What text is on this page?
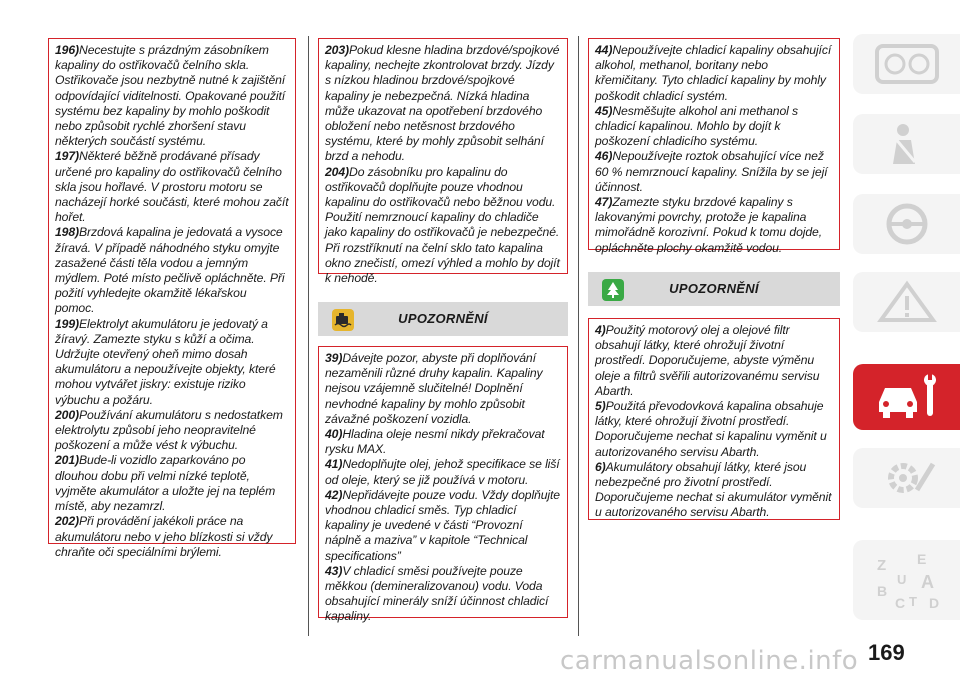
196)Necestujte s prázdným zásobníkem kapaliny do ostřikovačů čelního skla. Ostřikovače jsou nezbytně nutné k zajištění odpovídající viditelnosti. Opakované použití systému bez kapaliny by mohlo poškodit nebo způsobit rychlé zhoršení stavu některých součástí systému.

197)Některé běžně prodávané přísady určené pro kapaliny do ostřikovačů čelního skla jsou hořlavé. V prostoru motoru se nacházejí horké součásti, které mohou začít hořet.

198)Brzdová kapalina je jedovatá a vysoce žíravá. V případě náhodného styku omyjte zasažené části těla vodou a jemným mýdlem. Poté místo pečlivě opláchněte. Při požití vyhledejte okamžitě lékařskou pomoc.

199)Elektrolyt akumulátoru je jedovatý a žíravý. Zamezte styku s kůží a očima. Udržujte otevřený oheň mimo dosah akumulátoru a nepoužívejte objekty, které mohou vytvářet jiskry: existuje riziko výbuchu a požáru.

200)Používání akumulátoru s nedostatkem elektrolytu způsobí jeho neopravitelné poškození a může vést k výbuchu.

201)Bude-li vozidlo zaparkováno po dlouhou dobu při velmi nízké teplotě, vyjměte akumulátor a uložte jej na teplém místě, aby nezamrzl.

202)Při provádění jakékoli práce na akumulátoru nebo v jeho blízkosti si vždy chraňte oči speciálními brýlemi.

203)Pokud klesne hladina brzdové/spojkové kapaliny, nechejte zkontrolovat brzdy. Jízdy s nízkou hladinou brzdové/spojkové kapaliny je nebezpečná. Nízká hladina může ukazovat na opotřebení brzdového obložení nebo netěsnost brzdového systému, které by mohly způsobit selhání brzd a nehodu.

204)Do zásobníku pro kapalinu do ostřikovačů doplňujte pouze vhodnou kapalinu do ostřikovačů nebo běžnou vodu. Použití nemrznoucí kapaliny do chladiče jako kapaliny do ostřikovačů je nebezpečné. Při rozstříknutí na čelní sklo tato kapalina okno znečistí, omezí výhled a mohlo by dojít k nehodě.

UPOZORNĚNÍ

39)Dávejte pozor, abyste při doplňování nezaměnili různé druhy kapalin. Kapaliny nejsou vzájemně slučitelné! Doplnění nevhodné kapaliny by mohlo způsobit závažné poškození vozidla.

40)Hladina oleje nesmí nikdy překračovat rysku MAX.

41)Nedoplňujte olej, jehož specifikace se liší od oleje, který se již používá v motoru.

42)Nepřidávejte pouze vodu. Vždy doplňujte vhodnou chladicí směs. Typ chladicí kapaliny je uvedené v části “Provozní náplně a maziva” v kapitole “Technical specifications”

43)V chladicí směsi používejte pouze měkkou (demineralizovanou) vodu. Voda obsahující minerály sníží účinnost chladicí kapaliny.

44)Nepoužívejte chladicí kapaliny obsahující alkohol, methanol, boritany nebo křemičitany. Tyto chladicí kapaliny by mohly poškodit chladicí systém.

45)Nesměšujte alkohol ani methanol s chladicí kapalinou. Mohlo by dojít k poškození chladicího systému.

46)Nepoužívejte roztok obsahující více než 60 % nemrznoucí kapaliny. Snížila by se její účinnost.

47)Zamezte styku brzdové kapaliny s lakovanými povrchy, protože je kapalina mimořádně korozivní. Pokud k tomu dojde, opláchněte plochy okamžitě vodou.

UPOZORNĚNÍ

4)Použitý motorový olej a olejové filtr obsahují látky, které ohrožují životní prostředí. Doporučujeme, abyste výměnu oleje a filtrů svěřili autorizovanému servisu Abarth.

5)Použitá převodovková kapalina obsahuje látky, které ohrožují životní prostředí. Doporučujeme nechat si kapalinu vyměnit u autorizovaného servisu Abarth.

6)Akumulátory obsahují látky, které jsou nebezpečné pro životní prostředí. Doporučujeme nechat si akumulátor vyměnit u autorizovaného servisu Abarth.

Z E
U A
B
C T D
carmanualsonline.info 169
